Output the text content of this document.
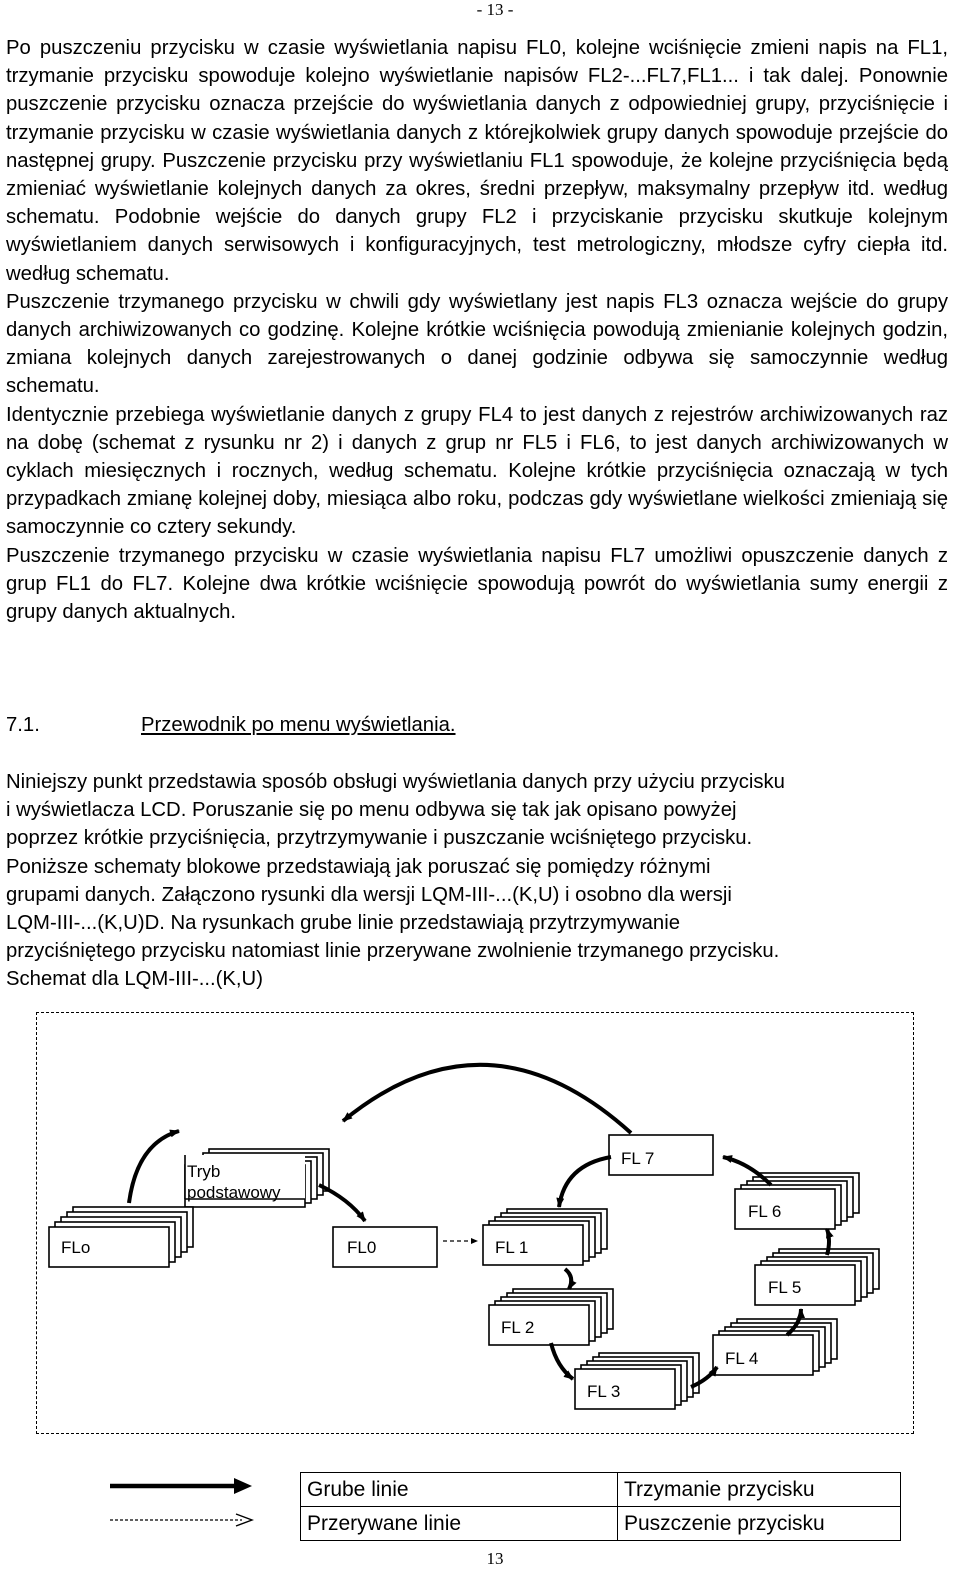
- 13 -

Po puszczeniu przycisku w czasie wyświetlania napisu FL0, kolejne wciśnięcie zmieni napis na FL1, trzymanie przycisku spowoduje kolejno wyświetlanie napisów FL2-...FL7,FL1... i tak dalej. Ponownie puszczenie przycisku oznacza przejście do wyświetlania danych z odpowiedniej grupy, przyciśnięcie i trzymanie przycisku w czasie wyświetlania danych z którejkolwiek grupy danych spowoduje przejście do następnej grupy. Puszczenie przycisku przy wyświetlaniu FL1 spowoduje, że kolejne przyciśnięcia będą zmieniać wyświetlanie kolejnych danych za okres, średni przepływ, maksymalny przepływ itd. według schematu. Podobnie wejście do danych grupy FL2 i przyciskanie przycisku skutkuje kolejnym wyświetlaniem danych serwisowych i konfiguracyjnych, test metrologiczny, młodsze cyfry ciepła itd. według schematu.

Puszczenie trzymanego przycisku w chwili gdy wyświetlany jest napis FL3 oznacza wejście do grupy danych archiwizowanych co godzinę. Kolejne krótkie wciśnięcia powodują zmienianie kolejnych godzin, zmiana kolejnych danych zarejestrowanych o danej godzinie odbywa się samoczynnie według schematu.

Identycznie przebiega wyświetlanie danych z grupy FL4 to jest danych z rejestrów archiwizowanych raz na dobę (schemat z rysunku nr 2) i danych z grup nr FL5 i FL6, to jest danych archiwizowanych w cyklach miesięcznych i rocznych, według schematu. Kolejne krótkie przyciśnięcia oznaczają w tych przypadkach zmianę kolejnej doby, miesiąca albo roku, podczas gdy wyświetlane wielkości zmieniają się samoczynnie co cztery sekundy.

Puszczenie trzymanego przycisku w czasie wyświetlania napisu FL7 umożliwi opuszczenie danych z grup FL1 do FL7. Kolejne dwa krótkie wciśnięcie spowodują powrót do wyświetlania sumy energii z grupy danych aktualnych.

7.1.	Przewodnik po menu wyświetlania.

Niniejszy punkt przedstawia sposób obsługi wyświetlania danych przy użyciu przycisku

i wyświetlacza LCD. Poruszanie się po menu odbywa się tak jak opisano powyżej

poprzez krótkie przyciśnięcia, przytrzymywanie i puszczanie wciśniętego przycisku.

Poniższe schematy blokowe przedstawiają jak poruszać się pomiędzy różnymi

grupami danych. Załączono rysunki dla wersji LQM-III-...(K,U) i osobno dla wersji

LQM-III-...(K,U)D. Na rysunkach grube linie przedstawiają przytrzymywanie

przyciśniętego przycisku natomiast linie przerywane zwolnienie trzymanego przycisku.

Schemat dla LQM-III-...(K,U)

Tryb
podstawowy
FLo	FL0	FL 1
FL 2
FL 3
FL 4
FL 5
FL 6
FL 7
	Grube linie	Trzymanie przycisku
	Przerywane linie	Puszczenie przycisku
13
